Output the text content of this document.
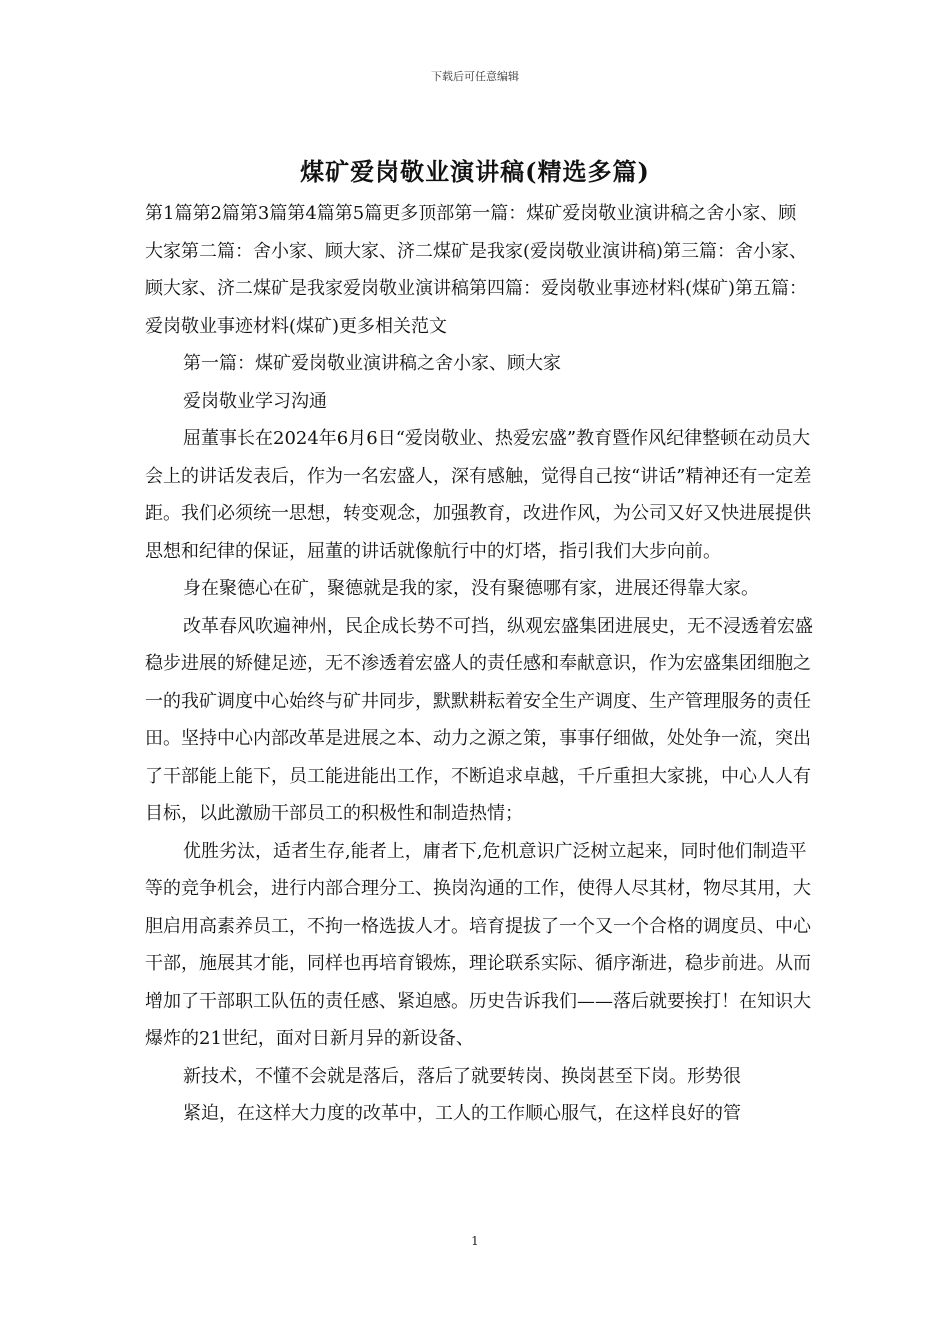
下载后可任意编辑
煤矿爱岗敬业演讲稿(精选多篇)

第1篇第2篇第3篇第4篇第5篇更多顶部第一篇：煤矿爱岗敬业演讲稿之舍小家、顾大家第二篇：舍小家、顾大家、济二煤矿是我家(爱岗敬业演讲稿)第三篇：舍小家、顾大家、济二煤矿是我家爱岗敬业演讲稿第四篇：爱岗敬业事迹材料(煤矿)第五篇：爱岗敬业事迹材料(煤矿)更多相关范文

第一篇：煤矿爱岗敬业演讲稿之舍小家、顾大家

爱岗敬业学习沟通

屈董事长在2024年6月6日“爱岗敬业、热爱宏盛”教育暨作风纪律整顿在动员大会上的讲话发表后，作为一名宏盛人，深有感触，觉得自己按“讲话”精神还有一定差距。我们必须统一思想，转变观念，加强教育，改进作风，为公司又好又快进展提供思想和纪律的保证，屈董的讲话就像航行中的灯塔，指引我们大步向前。

身在聚德心在矿，聚德就是我的家，没有聚德哪有家，进展还得靠大家。

改革春风吹遍神州，民企成长势不可挡，纵观宏盛集团进展史，无不浸透着宏盛稳步进展的矫健足迹，无不渗透着宏盛人的责任感和奉献意识，作为宏盛集团细胞之一的我矿调度中心始终与矿井同步，默默耕耘着安全生产调度、生产管理服务的责任田。坚持中心内部改革是进展之本、动力之源之策，事事仔细做，处处争一流，突出了干部能上能下，员工能进能出工作，不断追求卓越，千斤重担大家挑，中心人人有目标，以此激励干部员工的积极性和制造热情；

优胜劣汰，适者生存,能者上，庸者下,危机意识广泛树立起来，同时他们制造平等的竞争机会，进行内部合理分工、换岗沟通的工作，使得人尽其材，物尽其用，大胆启用高素养员工，不拘一格选拔人才。培育提拔了一个又一个合格的调度员、中心干部，施展其才能，同样也再培育锻炼，理论联系实际、循序渐进，稳步前进。从而增加了干部职工队伍的责任感、紧迫感。历史告诉我们——落后就要挨打！在知识大爆炸的21世纪，面对日新月异的新设备、

新技术，不懂不会就是落后，落后了就要转岗、换岗甚至下岗。形势很

紧迫，在这样大力度的改革中，工人的工作顺心服气，在这样良好的管

1
